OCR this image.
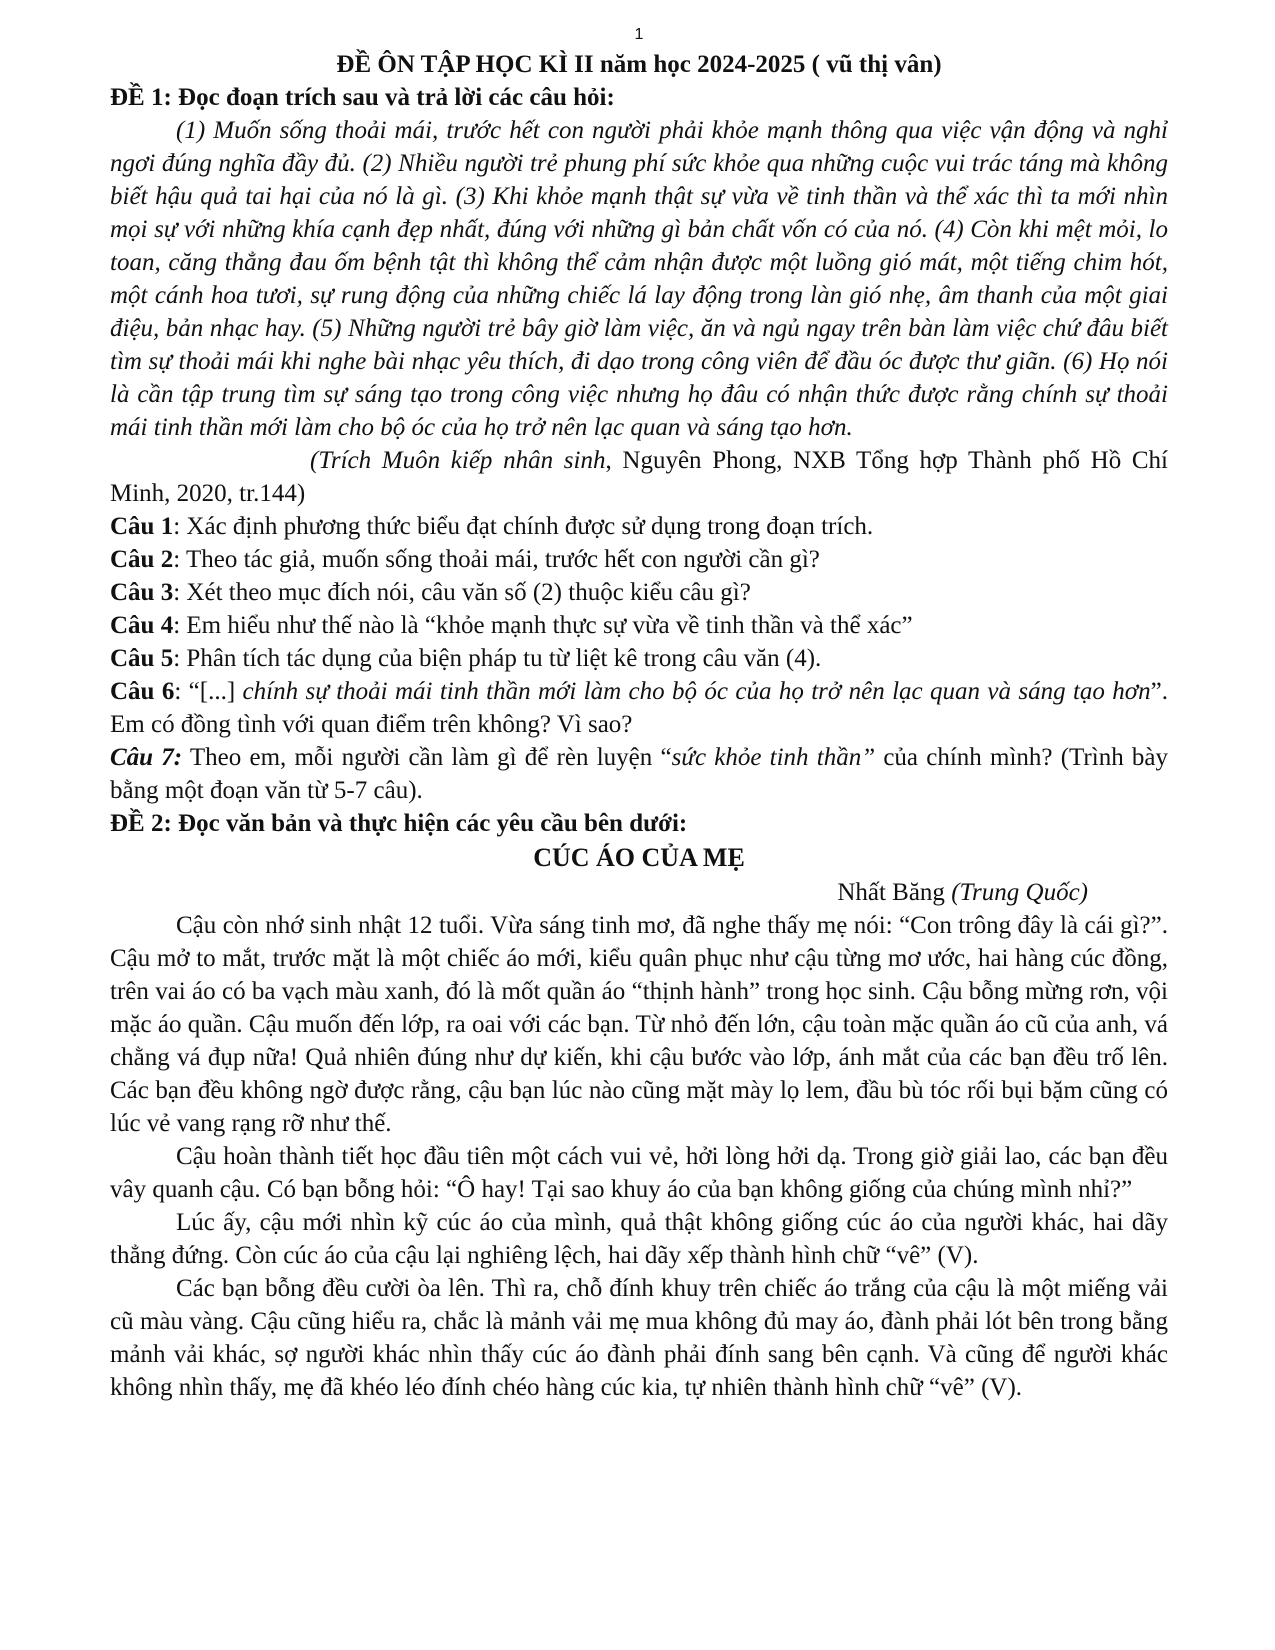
1
ĐỀ ÔN TẬP HỌC KÌ II năm học 2024-2025 ( vũ thị vân)
ĐỀ 1: Đọc đoạn trích sau và trả lời các câu hỏi:

(1) Muốn sống thoải mái, trước hết con người phải khỏe mạnh thông qua việc vận động và nghỉ ngơi đúng nghĩa đầy đủ. (2) Nhiều người trẻ phung phí sức khỏe qua những cuộc vui trác táng mà không biết hậu quả tai hại của nó là gì. (3) Khi khỏe mạnh thật sự vừa về tinh thần và thể xác thì ta mới nhìn mọi sự với những khía cạnh đẹp nhất, đúng với những gì bản chất vốn có của nó. (4) Còn khi mệt mỏi, lo toan, căng thẳng đau ốm bệnh tật thì không thể cảm nhận được một luồng gió mát, một tiếng chim hót, một cánh hoa tươi, sự rung động của những chiếc lá lay động trong làn gió nhẹ, âm thanh của một giai điệu, bản nhạc hay. (5) Những người trẻ bây giờ làm việc, ăn và ngủ ngay trên bàn làm việc chứ đâu biết tìm sự thoải mái khi nghe bài nhạc yêu thích, đi dạo trong công viên để đầu óc được thư giãn. (6) Họ nói là cần tập trung tìm sự sáng tạo trong công việc nhưng họ đâu có nhận thức được rằng chính sự thoải mái tinh thần mới làm cho bộ óc của họ trở nên lạc quan và sáng tạo hơn.

(Trích Muôn kiếp nhân sinh, Nguyên Phong, NXB Tổng hợp Thành phố Hồ Chí Minh, 2020, tr.144)

Câu 1: Xác định phương thức biểu đạt chính được sử dụng trong đoạn trích.

Câu 2: Theo tác giả, muốn sống thoải mái, trước hết con người cần gì?

Câu 3: Xét theo mục đích nói, câu văn số (2) thuộc kiểu câu gì?

Câu 4: Em hiểu như thế nào là “khỏe mạnh thực sự vừa về tinh thần và thể xác”

Câu 5: Phân tích tác dụng của biện pháp tu từ liệt kê trong câu văn (4).

Câu 6: “[...] chính sự thoải mái tinh thần mới làm cho bộ óc của họ trở nên lạc quan và sáng tạo hơn”. Em có đồng tình với quan điểm trên không? Vì sao?

Câu 7: Theo em, mỗi người cần làm gì để rèn luyện “sức khỏe tinh thần” của chính mình? (Trình bày bằng một đoạn văn từ 5-7 câu).

ĐỀ 2: Đọc văn bản và thực hiện các yêu cầu bên dưới:
CÚC ÁO CỦA MẸ
Nhất Băng (Trung Quốc)

Cậu còn nhớ sinh nhật 12 tuổi. Vừa sáng tinh mơ, đã nghe thấy mẹ nói: “Con trông đây là cái gì?”. Cậu mở to mắt, trước mặt là một chiếc áo mới, kiểu quân phục như cậu từng mơ ước, hai hàng cúc đồng, trên vai áo có ba vạch màu xanh, đó là mốt quần áo “thịnh hành” trong học sinh. Cậu bỗng mừng rơn, vội mặc áo quần. Cậu muốn đến lớp, ra oai với các bạn. Từ nhỏ đến lớn, cậu toàn mặc quần áo cũ của anh, vá chằng vá đụp nữa! Quả nhiên đúng như dự kiến, khi cậu bước vào lớp, ánh mắt của các bạn đều trố lên. Các bạn đều không ngờ được rằng, cậu bạn lúc nào cũng mặt mày lọ lem, đầu bù tóc rối bụi bặm cũng có lúc vẻ vang rạng rỡ như thế.

Cậu hoàn thành tiết học đầu tiên một cách vui vẻ, hởi lòng hởi dạ. Trong giờ giải lao, các bạn đều vây quanh cậu. Có bạn bỗng hỏi: “Ô hay! Tại sao khuy áo của bạn không giống của chúng mình nhỉ?”

Lúc ấy, cậu mới nhìn kỹ cúc áo của mình, quả thật không giống cúc áo của người khác, hai dãy thẳng đứng. Còn cúc áo của cậu lại nghiêng lệch, hai dãy xếp thành hình chữ “vê” (V).

Các bạn bỗng đều cười òa lên. Thì ra, chỗ đính khuy trên chiếc áo trắng của cậu là một miếng vải cũ màu vàng. Cậu cũng hiểu ra, chắc là mảnh vải mẹ mua không đủ may áo, đành phải lót bên trong bằng mảnh vải khác, sợ người khác nhìn thấy cúc áo đành phải đính sang bên cạnh. Và cũng để người khác không nhìn thấy, mẹ đã khéo léo đính chéo hàng cúc kia, tự nhiên thành hình chữ “vê” (V).
